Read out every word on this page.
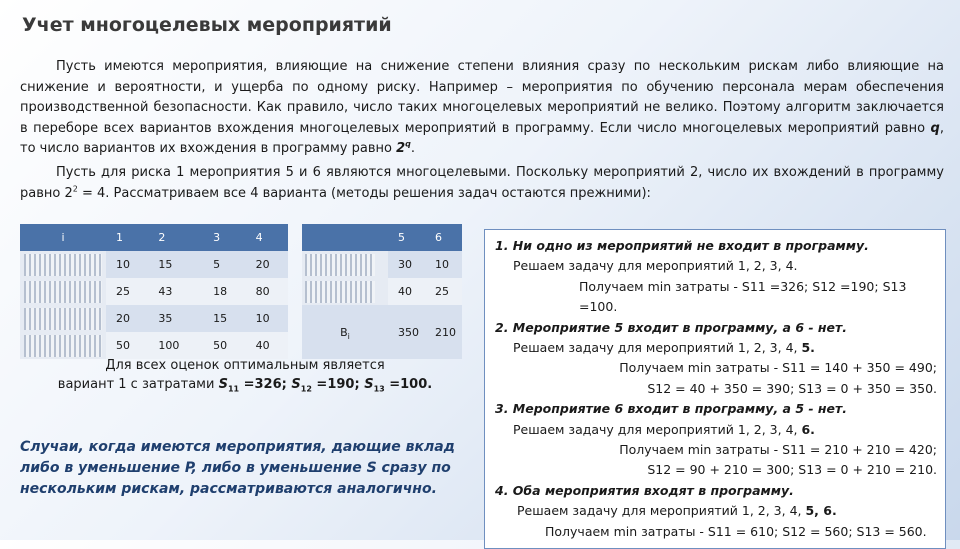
Учет многоцелевых мероприятий

Пусть имеются мероприятия, влияющие на снижение степени влияния сразу по нескольким рискам либо влияющие на снижение и вероятности, и ущерба по одному риску. Например – мероприятия по обучению персонала мерам обеспечения производственной безопасности. Как правило, число таких многоцелевых мероприятий не велико. Поэтому алгоритм заключается в переборе всех вариантов вхождения многоцелевых мероприятий в программу. Если число многоцелевых мероприятий равно q, то число вариантов их вхождения в программу равно 2$^q$.

Пусть для риска 1 мероприятия 5 и 6 являются многоцелевыми. Поскольку мероприятий 2, число их вхождений в программу равно $2^2 = 4$. Рассматриваем все 4 варианта (методы решения задач остаются прежними):

i	1	2	3	4

	10	15	5	20

	25	43	18	80

	20	35	15	10

	50	100	50	40
	5	6

	30	10

	40	25
$B_i$	350	210
Для всех оценок оптимальным является
вариант 1 с затратами $S_{11} =326$; $S_{12} =190$; $S_{13} =100$.
Случаи, когда имеются мероприятия, дающие вклад либо в уменьшение P, либо в уменьшение S сразу по нескольким рискам, рассматриваются аналогично.
1. Ни одно из мероприятий не входит в программу.
Решаем задачу для мероприятий 1, 2, 3, 4.
Получаем min затраты - S11 =326; S12 =190; S13 =100.
2. Мероприятие 5 входит в программу, а 6 - нет.
Решаем задачу для мероприятий 1, 2, 3, 4, 5.
Получаем min затраты - S11 = 140 + 350 = 490;
S12 = 40 + 350 = 390; S13 = 0 + 350 = 350.
3. Мероприятие 6 входит в программу, а 5 - нет.
Решаем задачу для мероприятий 1, 2, 3, 4, 6.
Получаем min затраты - S11 = 210 + 210 = 420;
S12 = 90 + 210 = 300; S13 = 0 + 210 = 210.
4. Оба мероприятия входят в программу.
Решаем задачу для мероприятий 1, 2, 3, 4, 5, 6.
Получаем min затраты - S11 = 610; S12 = 560; S13 = 560.
